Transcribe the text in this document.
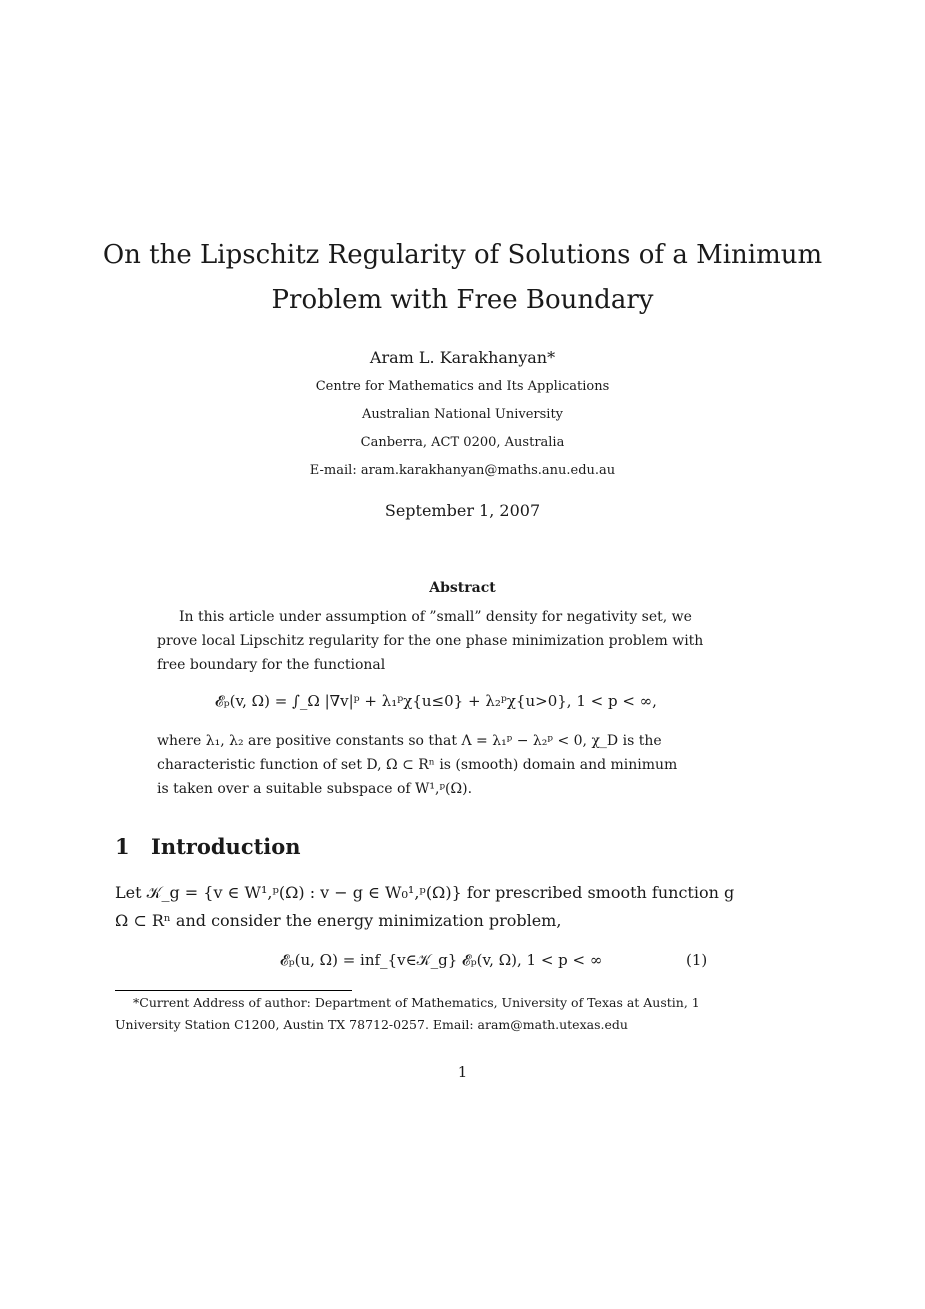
On the Lipschitz Regularity of Solutions of a Minimum
Problem with Free Boundary
Aram L. Karakhanyan*
Centre for Mathematics and Its Applications
Australian National University
Canberra, ACT 0200, Australia
E-mail: aram.karakhanyan@maths.anu.edu.au
September 1, 2007
Abstract
In this article under assumption of ”small” density for negativity set, we
prove local Lipschitz regularity for the one phase minimization problem with
free boundary for the functional
𝓔ₚ(v, Ω) = ∫_Ω |∇v|ᵖ + λ₁ᵖχ{u≤0} + λ₂ᵖχ{u>0}, 1 < p < ∞,
where λ₁, λ₂ are positive constants so that Λ = λ₁ᵖ − λ₂ᵖ < 0, χ_D is the
characteristic function of set D, Ω ⊂ Rⁿ is (smooth) domain and minimum
is taken over a suitable subspace of W¹,ᵖ(Ω).
1 Introduction
Let 𝒦_g = {v ∈ W¹,ᵖ(Ω) : v − g ∈ W₀¹,ᵖ(Ω)} for prescribed smooth function g
Ω ⊂ Rⁿ and consider the energy minimization problem,
𝓔ₚ(u, Ω) = inf_{v∈𝒦_g} 𝓔ₚ(v, Ω), 1 < p < ∞	(1)
*Current Address of author: Department of Mathematics, University of Texas at Austin, 1
University Station C1200, Austin TX 78712-0257. Email: aram@math.utexas.edu
1
